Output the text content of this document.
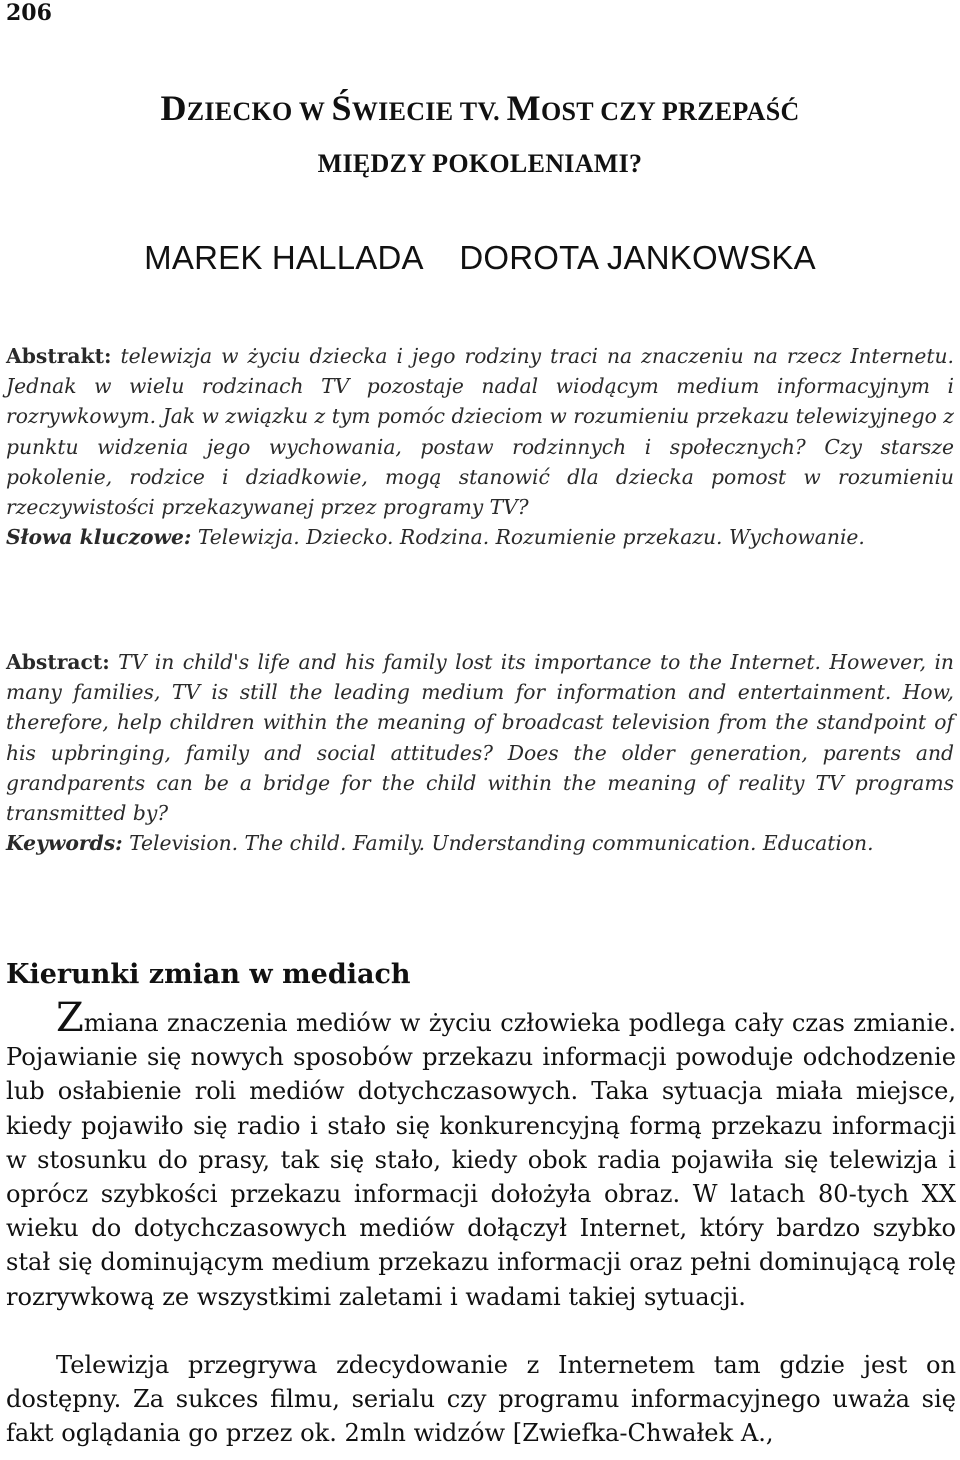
206
DZIECKO W ŚWIECIE TV. MOST CZY PRZEPAŚĆ
MIĘDZY POKOLENIAMI?
MAREK HALLADA    DOROTA JANKOWSKA

Abstrakt: telewizja w życiu dziecka i jego rodziny traci na znaczeniu na rzecz Internetu. Jednak w wielu rodzinach TV pozostaje nadal wiodącym medium informacyjnym i rozrywkowym. Jak w związku z tym pomóc dzieciom w rozumieniu przekazu telewizyjnego z punktu widzenia jego wychowania, postaw rodzinnych i społecznych? Czy starsze pokolenie, rodzice i dziadkowie, mogą stanowić dla dziecka pomost w rozumieniu rzeczywistości przekazywanej przez programy TV?
Słowa kluczowe: Telewizja. Dziecko. Rodzina. Rozumienie przekazu. Wychowanie.

Abstract: TV in child's life and his family lost its importance to the Internet. However, in many families, TV is still the leading medium for information and entertainment. How, therefore, help children within the meaning of broadcast television from the standpoint of his upbringing, family and social attitudes? Does the older generation, parents and grandparents can be a bridge for the child within the meaning of reality TV programs transmitted by?
Keywords: Television. The child. Family. Understanding communication. Education.

Kierunki zmian w mediach

Zmiana znaczenia mediów w życiu człowieka podlega cały czas zmianie. Pojawianie się nowych sposobów przekazu informacji powoduje odchodzenie lub osłabienie roli mediów dotychczasowych. Taka sytuacja miała miejsce, kiedy pojawiło się radio i stało się konkurencyjną formą przekazu informacji w stosunku do prasy, tak się stało, kiedy obok radia pojawiła się telewizja i oprócz szybkości przekazu informacji dołożyła obraz. W latach 80-tych XX wieku do dotychczasowych mediów dołączył Internet, który bardzo szybko stał się dominującym medium przekazu informacji oraz pełni dominującą rolę rozrywkową ze wszystkimi zaletami i wadami takiej sytuacji.

Telewizja przegrywa zdecydowanie z Internetem tam gdzie jest on dostępny. Za sukces filmu, serialu czy programu informacyjnego uważa się fakt oglądania go przez ok. 2mln widzów [Zwiefka-Chwałek A.,
